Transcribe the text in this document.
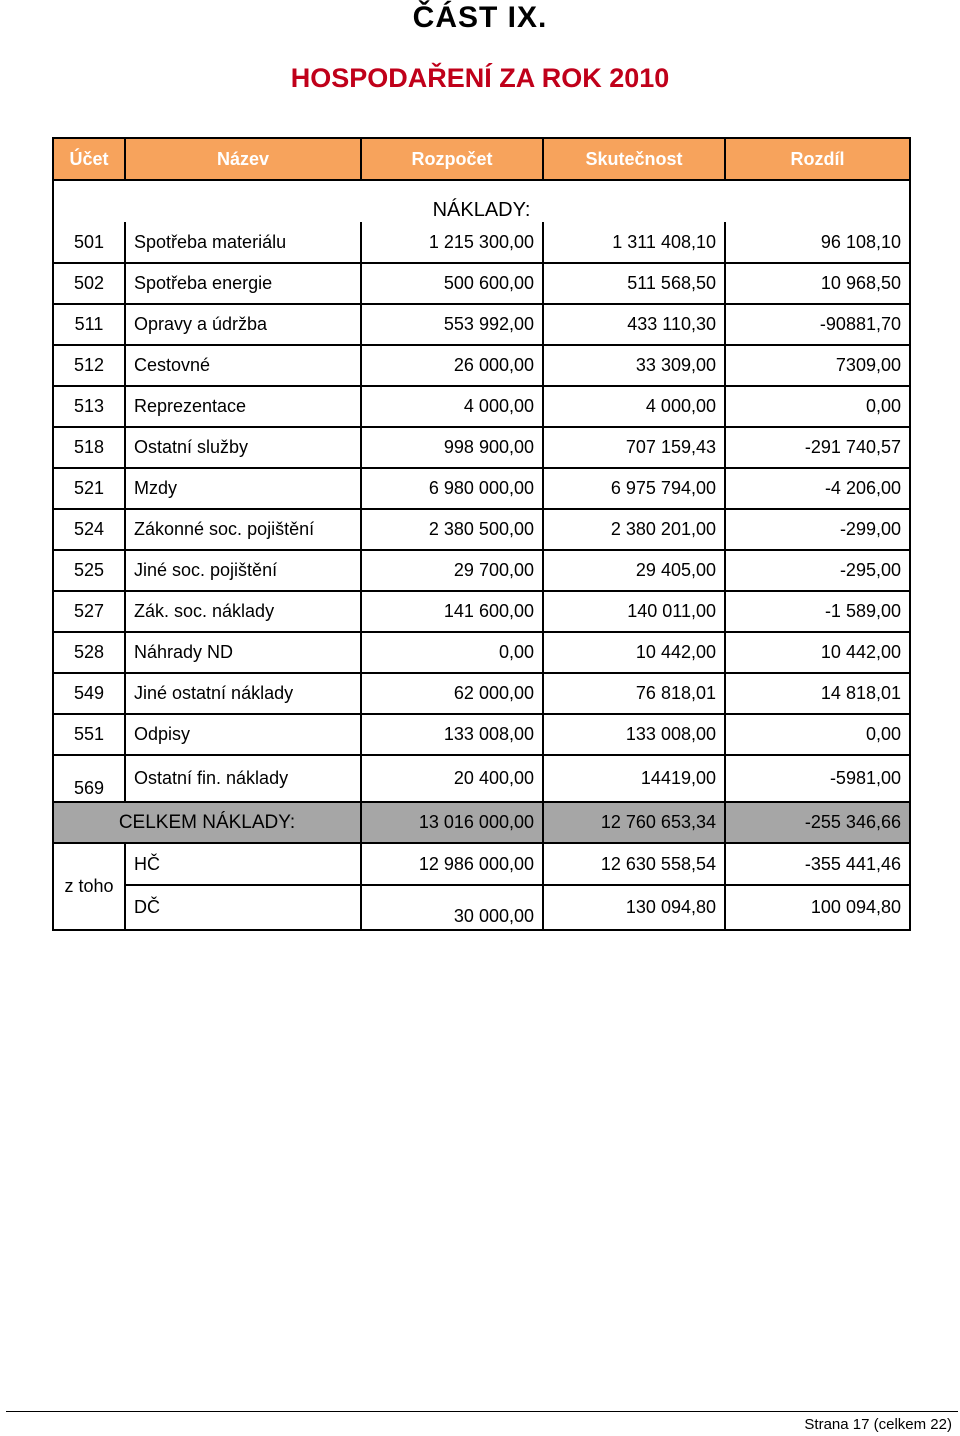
ČÁST IX.
HOSPODAŘENÍ ZA ROK 2010
Účet	Název	Rozpočet	Skutečnost	Rozdíl
NÁKLADY:				
501	Spotřeba materiálu	1 215 300,00	1 311 408,10	96 108,10
502	Spotřeba energie	500 600,00	511 568,50	10 968,50
511	Opravy a údržba	553 992,00	433 110,30	-90881,70
512	Cestovné	26 000,00	33 309,00	7309,00
513	Reprezentace	4 000,00	4 000,00	0,00
518	Ostatní služby	998 900,00	707 159,43	-291 740,57
521	Mzdy	6 980 000,00	6 975 794,00	-4 206,00
524	Zákonné soc. pojištění	2 380 500,00	2 380 201,00	-299,00
525	Jiné soc. pojištění	29 700,00	29 405,00	-295,00
527	Zák. soc. náklady	141 600,00	140 011,00	-1 589,00
528	Náhrady ND	0,00	10 442,00	10 442,00
549	Jiné ostatní náklady	62 000,00	76 818,01	14 818,01
551	Odpisy	133 008,00	133 008,00	0,00
569	Ostatní fin. náklady	20 400,00	14419,00	-5981,00
CELKEM NÁKLADY:		13 016 000,00	12 760 653,34	-255 346,66
z toho	HČ	12 986 000,00	12 630 558,54	-355 441,46
	DČ	30 000,00	130 094,80	100 094,80
Strana 17 (celkem 22)
